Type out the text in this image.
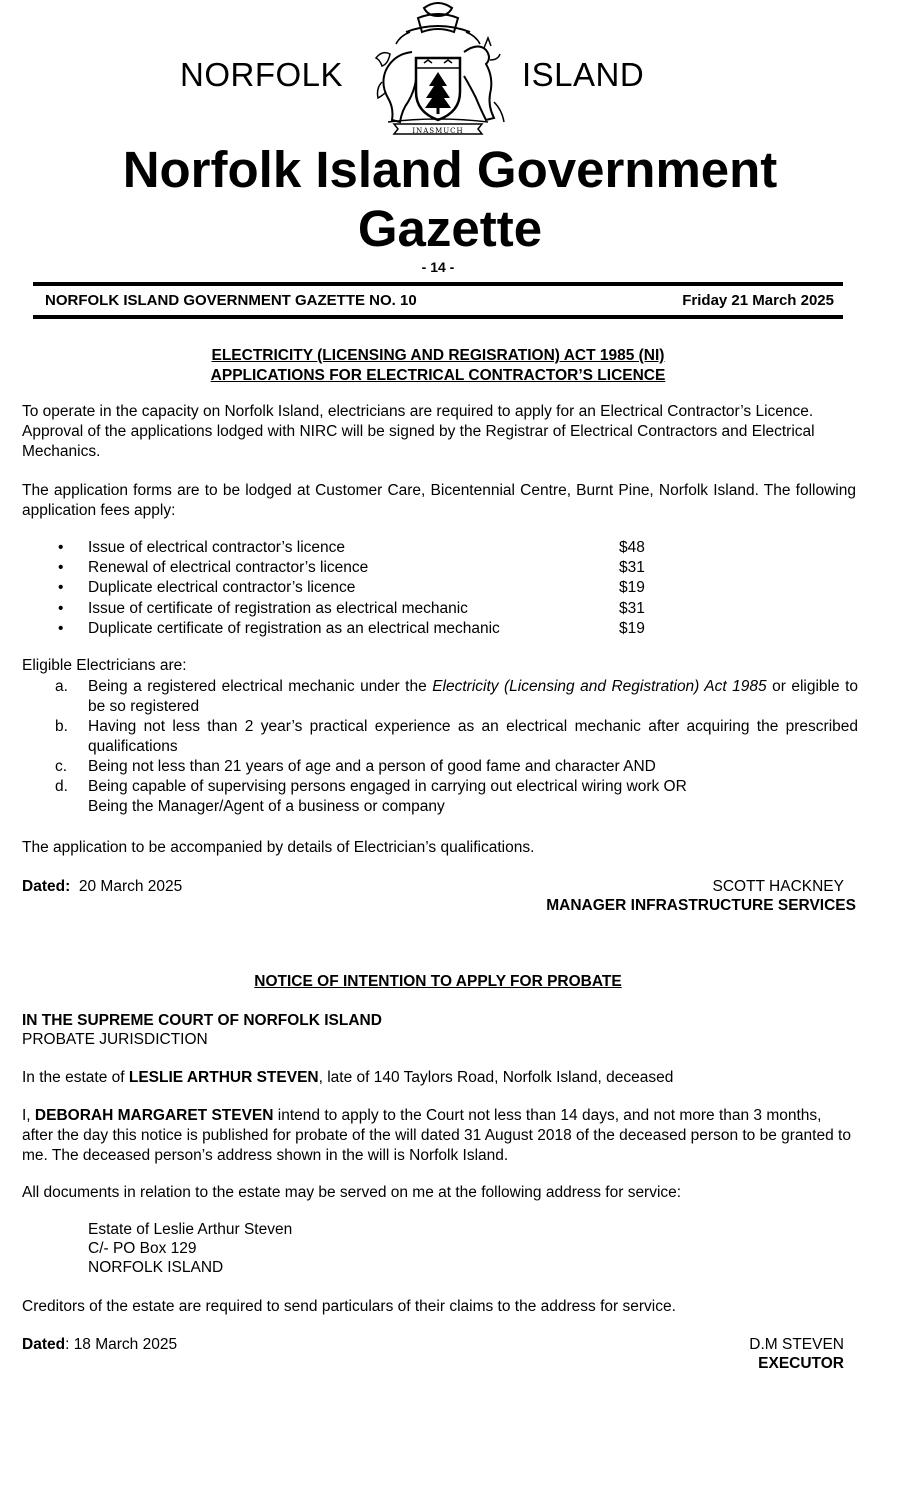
NORFOLK
INASMUCH
ISLAND
Norfolk Island Government
Gazette
- 14 -
NORFOLK ISLAND GOVERNMENT GAZETTE NO. 10	Friday 21 March 2025
ELECTRICITY (LICENSING AND REGISRATION) ACT 1985 (NI)
APPLICATIONS FOR ELECTRICAL CONTRACTOR’S LICENCE
To operate in the capacity on Norfolk Island, electricians are required to apply for an Electrical Contractor’s Licence. Approval of the applications lodged with NIRC will be signed by the Registrar of Electrical Contractors and Electrical Mechanics.
The application forms are to be lodged at Customer Care, Bicentennial Centre, Burnt Pine, Norfolk Island. The following application fees apply:
• Issue of electrical contractor’s licence	$48
• Renewal of electrical contractor’s licence	$31
• Duplicate electrical contractor’s licence	$19
• Issue of certificate of registration as electrical mechanic	$31
• Duplicate certificate of registration as an electrical mechanic	$19
Eligible Electricians are:
a. Being a registered electrical mechanic under the Electricity (Licensing and Registration) Act 1985 or eligible to be so registered
b. Having not less than 2 year’s practical experience as an electrical mechanic after acquiring the prescribed qualifications
c. Being not less than 21 years of age and a person of good fame and character AND
d. Being capable of supervising persons engaged in carrying out electrical wiring work OR
Being the Manager/Agent of a business or company
The application to be accompanied by details of Electrician’s qualifications.
Dated: 20 March 2025	SCOTT HACKNEY
MANAGER INFRASTRUCTURE SERVICES
NOTICE OF INTENTION TO APPLY FOR PROBATE
IN THE SUPREME COURT OF NORFOLK ISLAND
PROBATE JURISDICTION
In the estate of LESLIE ARTHUR STEVEN, late of 140 Taylors Road, Norfolk Island, deceased
I, DEBORAH MARGARET STEVEN intend to apply to the Court not less than 14 days, and not more than 3 months, after the day this notice is published for probate of the will dated 31 August 2018 of the deceased person to be granted to me. The deceased person’s address shown in the will is Norfolk Island.
All documents in relation to the estate may be served on me at the following address for service:
Estate of Leslie Arthur Steven
C/- PO Box 129
NORFOLK ISLAND
Creditors of the estate are required to send particulars of their claims to the address for service.
Dated: 18 March 2025	D.M STEVEN
EXECUTOR
